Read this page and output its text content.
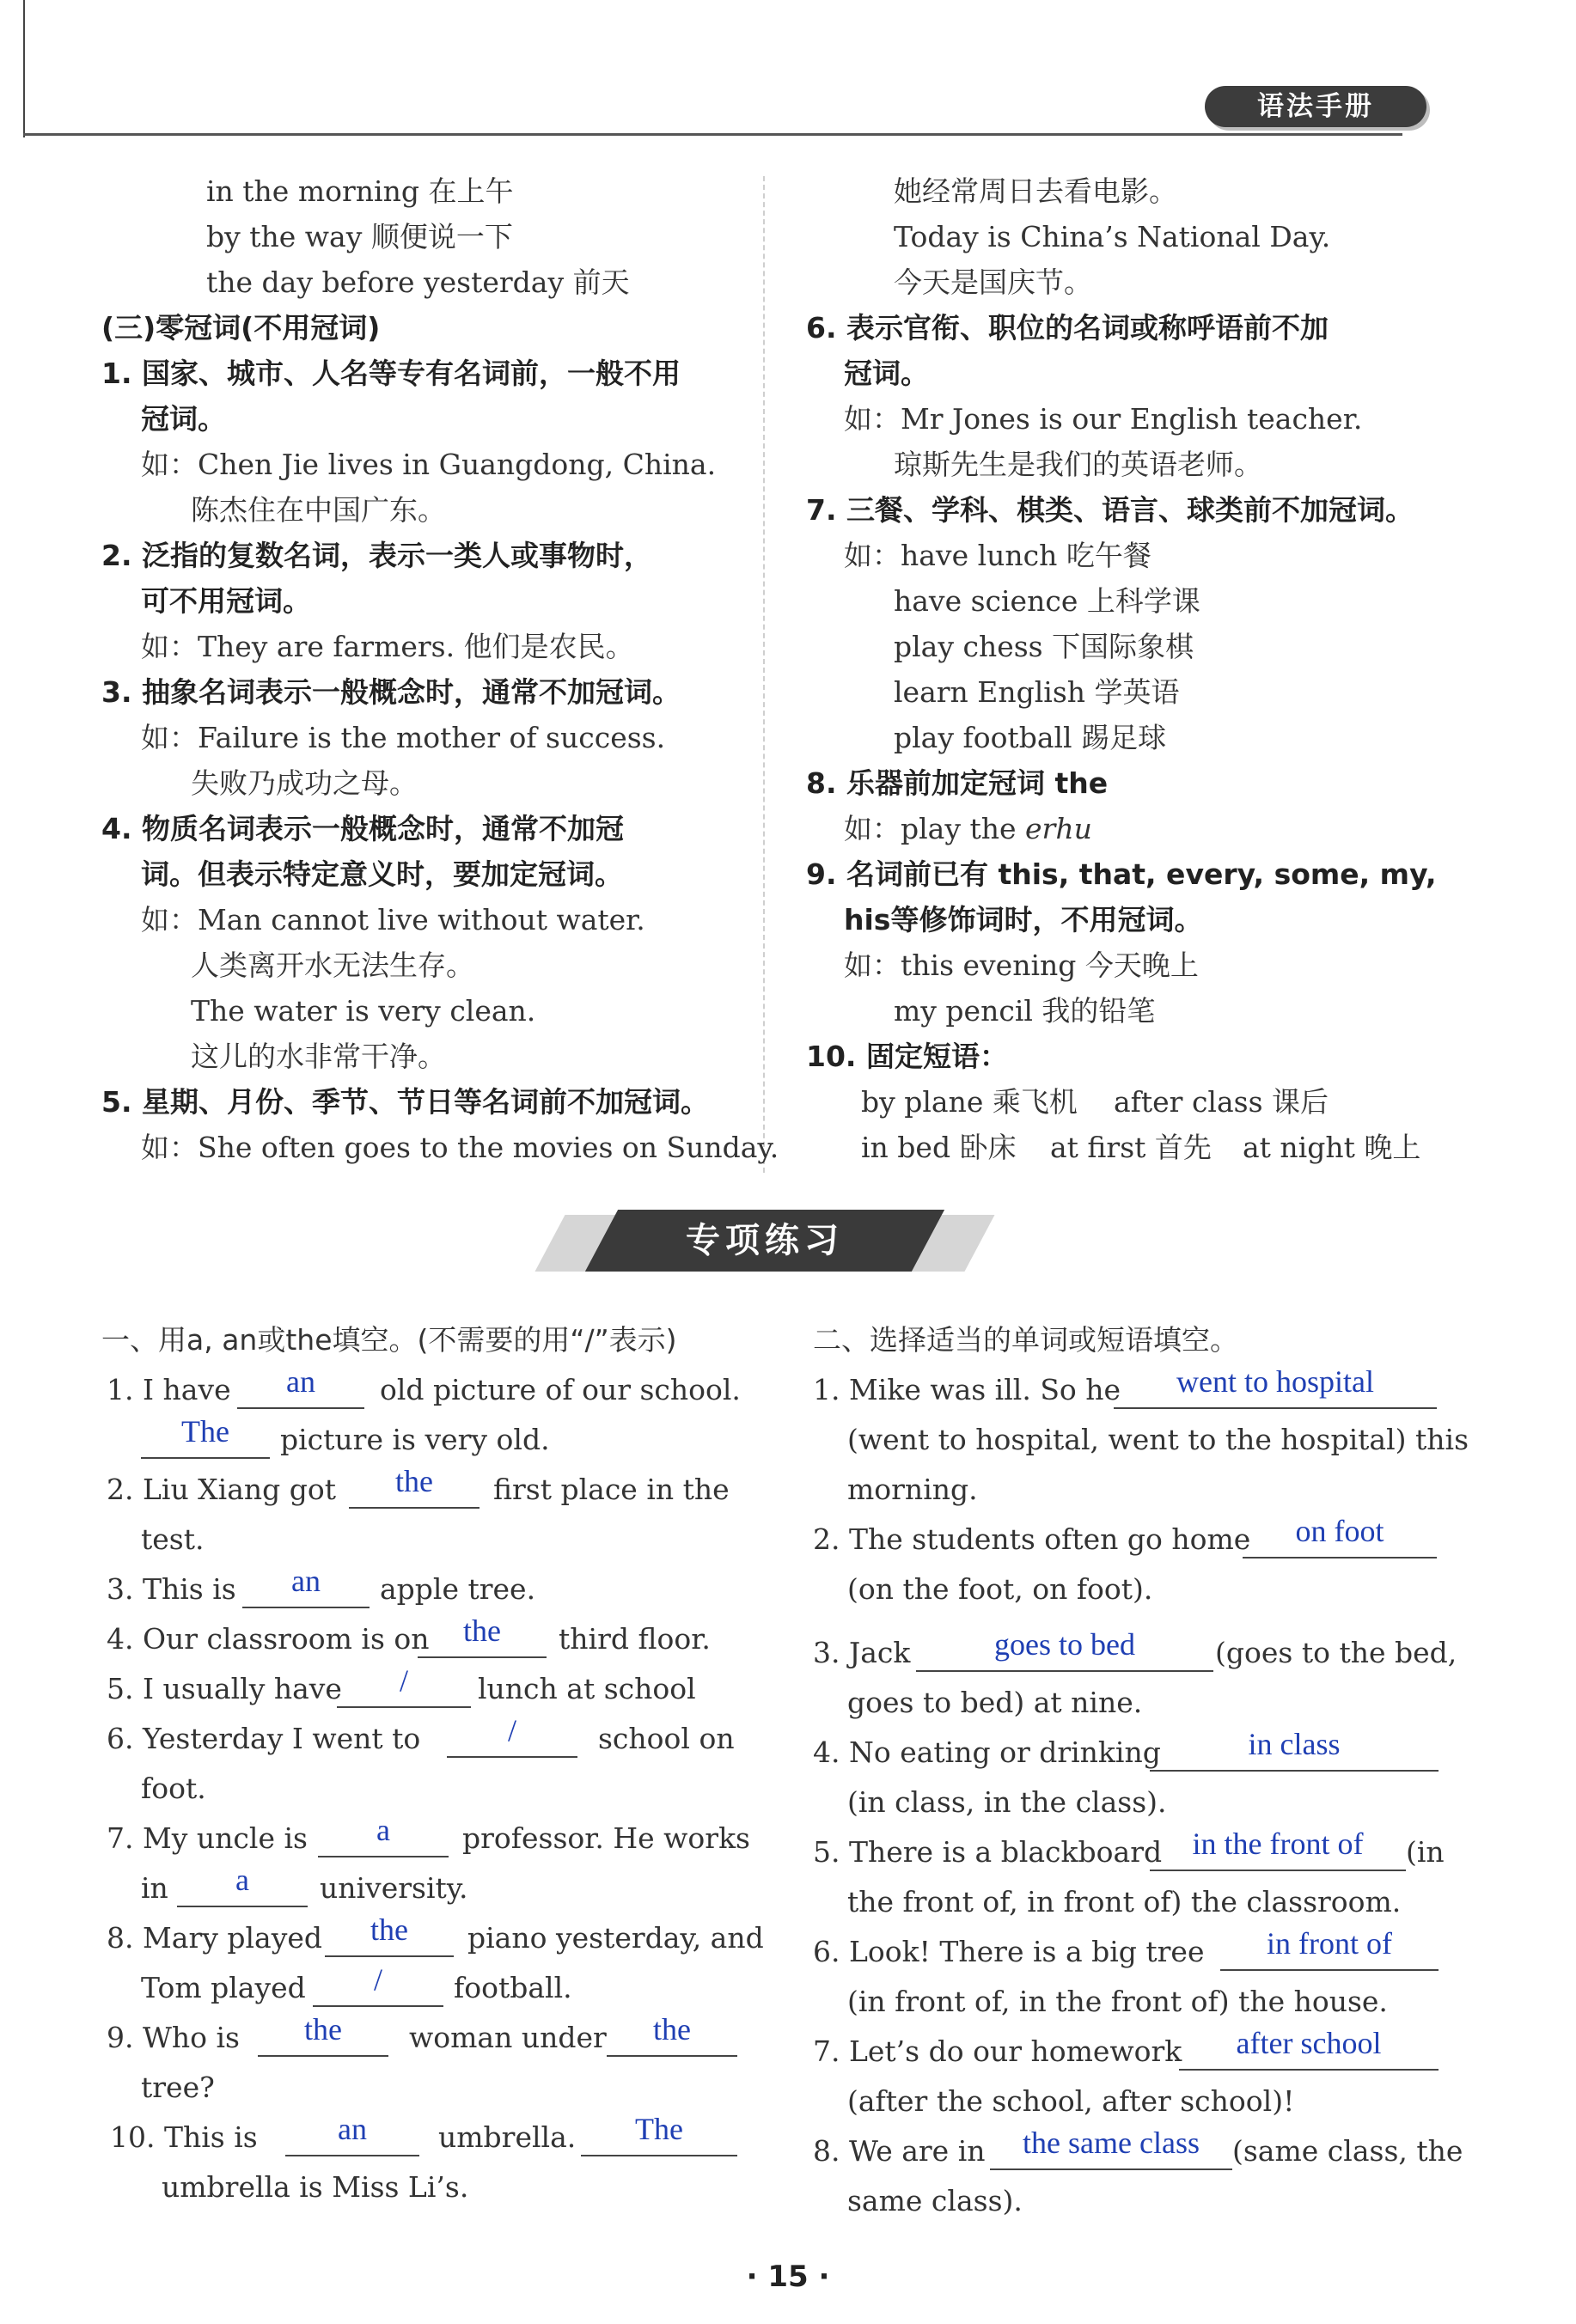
语法手册
in the morning 在上午
by the way 顺便说一下
the day before yesterday 前天
(三)零冠词(不用冠词)
1. 国家、城市、人名等专有名词前，一般不用
冠词。
如：Chen Jie lives in Guangdong, China.
陈杰住在中国广东。
2. 泛指的复数名词，表示一类人或事物时，
可不用冠词。
如：They are farmers. 他们是农民。
3. 抽象名词表示一般概念时，通常不加冠词。
如：Failure is the mother of success.
失败乃成功之母。
4. 物质名词表示一般概念时，通常不加冠
词。但表示特定意义时，要加定冠词。
如：Man cannot live without water.
人类离开水无法生存。
The water is very clean.
这儿的水非常干净。
5. 星期、月份、季节、节日等名词前不加冠词。
如：She often goes to the movies on Sunday.
她经常周日去看电影。
Today is China’s National Day.
今天是国庆节。
6. 表示官衔、职位的名词或称呼语前不加
冠词。
如：Mr Jones is our English teacher.
琼斯先生是我们的英语老师。
7. 三餐、学科、棋类、语言、球类前不加冠词。
如：have lunch 吃午餐
have science 上科学课
play chess 下国际象棋
learn English 学英语
play football 踢足球
8. 乐器前加定冠词 the
如：play the erhu
9. 名词前已有 this, that, every, some, my,
his等修饰词时，不用冠词。
如：this evening 今天晚上
my pencil 我的铅笔
10. 固定短语：
by plane 乘飞机 after class 课后
in bed 卧床 at first 首先 at night 晚上
专项练习
一、用a, an或the填空。(不需要的用“/”表示)
1. I have	an	old picture of our school.
The	picture is very old.
2. Liu Xiang got	the	first place in the
test.
3. This is	an	apple tree.
4. Our classroom is on	the	third floor.
5. I usually have	/	lunch at school
6. Yesterday I went to	/	school on
foot.
7. My uncle is	a	professor. He works
in	a	university.
8. Mary played	the	piano yesterday, and
Tom played	/	football.
9. Who is	the	woman under	the
tree?
10. This is	an	umbrella.	The
umbrella is Miss Li’s.
二、选择适当的单词或短语填空。
1. Mike was ill. So he	went to hospital
(went to hospital, went to the hospital) this
morning.
2. The students often go home	on foot
(on the foot, on foot).
3. Jack	goes to bed	(goes to the bed,
goes to bed) at nine.
4. No eating or drinking	in class
(in class, in the class).
5. There is a blackboard in the front of	(in
the front of, in front of) the classroom.
6. Look! There is a big tree	in front of
(in front of, in the front of) the house.
7. Let’s do our homework	after school
(after the school, after school)!
8. We are in	the same class	(same class, the
same class).
· 15 ·
